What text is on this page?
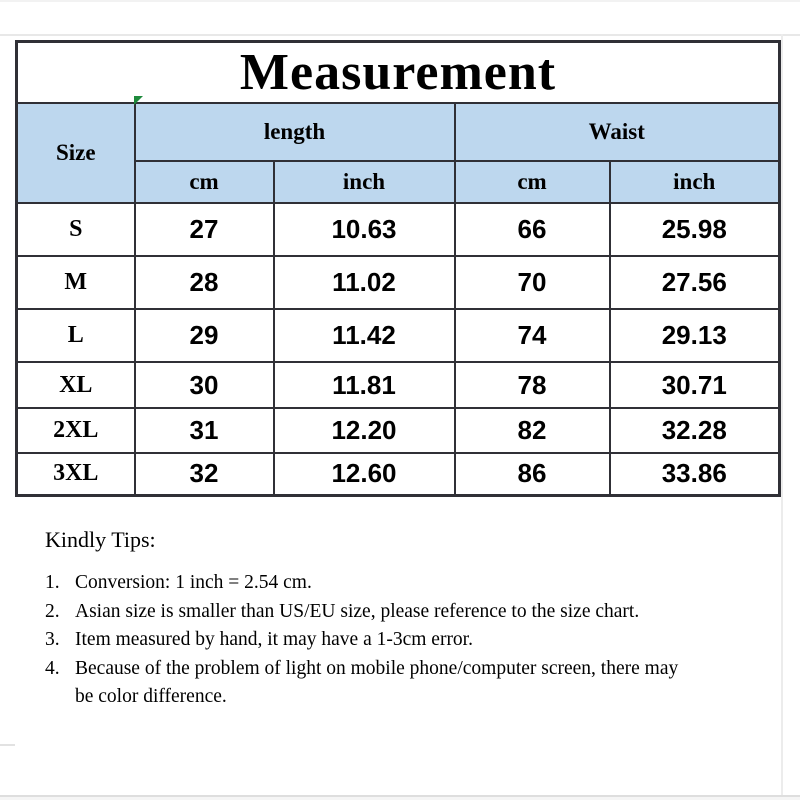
Measurement				
Size	length		Waist	
	cm	inch	cm	inch
S	27	10.63	66	25.98
M	28	11.02	70	27.56
L	29	11.42	74	29.13
XL	30	11.81	78	30.71
2XL	31	12.20	82	32.28
3XL	32	12.60	86	33.86
Kindly Tips:
1. Conversion: 1 inch = 2.54 cm.
2. Asian size is smaller than US/EU size, please reference to the size chart.
3. Item measured by hand, it may have a 1-3cm error.
4. Because of the problem of light on mobile phone/computer screen, there may be color difference.
